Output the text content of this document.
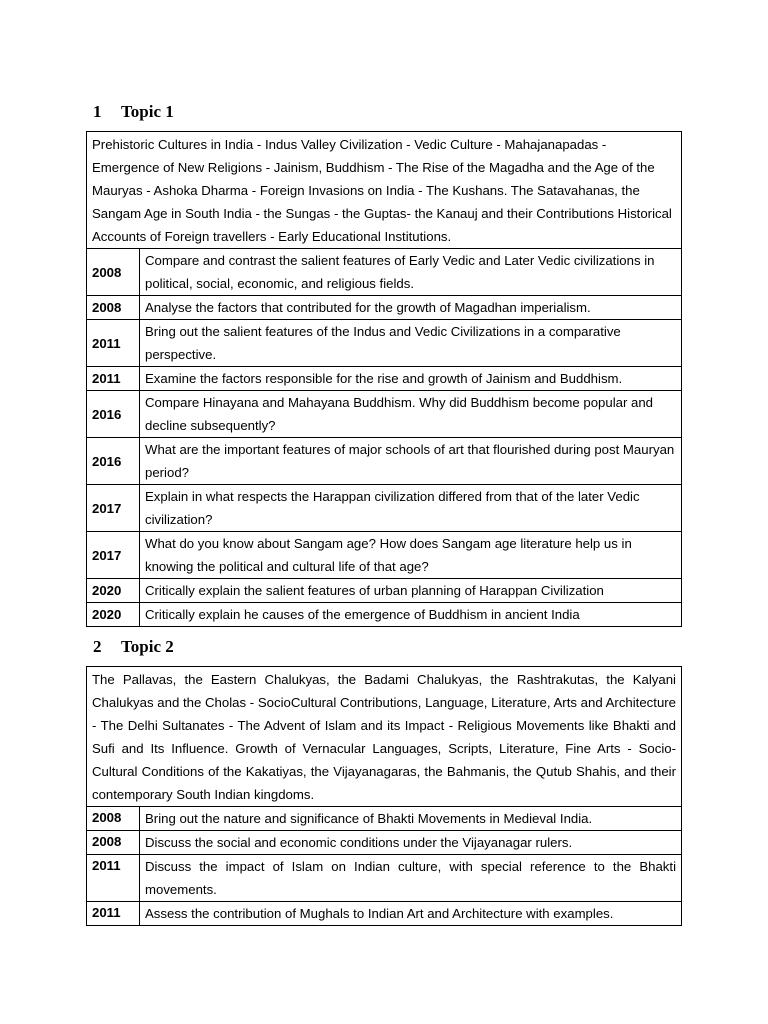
1 Topic 1
Prehistoric Cultures in India - Indus Valley Civilization - Vedic Culture - Mahajanapadas - Emergence of New Religions - Jainism, Buddhism - The Rise of the Magadha and the Age of the Mauryas - Ashoka Dharma - Foreign Invasions on India - The Kushans. The Satavahanas, the Sangam Age in South India - the Sungas - the Guptas- the Kanauj and their Contributions Historical Accounts of Foreign travellers - Early Educational Institutions.	
2008	Compare and contrast the salient features of Early Vedic and Later Vedic civilizations in political, social, economic, and religious fields.
2008	Analyse the factors that contributed for the growth of Magadhan imperialism.
2011	Bring out the salient features of the Indus and Vedic Civilizations in a comparative perspective.
2011	Examine the factors responsible for the rise and growth of Jainism and Buddhism.
2016	Compare Hinayana and Mahayana Buddhism. Why did Buddhism become popular and decline subsequently?
2016	What are the important features of major schools of art that flourished during post Mauryan period?
2017	Explain in what respects the Harappan civilization differed from that of the later Vedic civilization?
2017	What do you know about Sangam age? How does Sangam age literature help us in knowing the political and cultural life of that age?
2020	Critically explain the salient features of urban planning of Harappan Civilization
2020	Critically explain he causes of the emergence of Buddhism in ancient India
2 Topic 2
The Pallavas, the Eastern Chalukyas, the Badami Chalukyas, the Rashtrakutas, the Kalyani Chalukyas and the Cholas - SocioCultural Contributions, Language, Literature, Arts and Architecture - The Delhi Sultanates - The Advent of Islam and its Impact - Religious Movements like Bhakti and Sufi and Its Influence. Growth of Vernacular Languages, Scripts, Literature, Fine Arts - Socio-Cultural Conditions of the Kakatiyas, the Vijayanagaras, the Bahmanis, the Qutub Shahis, and their contemporary South Indian kingdoms.	
2008	Bring out the nature and significance of Bhakti Movements in Medieval India.
2008	Discuss the social and economic conditions under the Vijayanagar rulers.
2011	Discuss the impact of Islam on Indian culture, with special reference to the Bhakti movements.
2011	Assess the contribution of Mughals to Indian Art and Architecture with examples.
